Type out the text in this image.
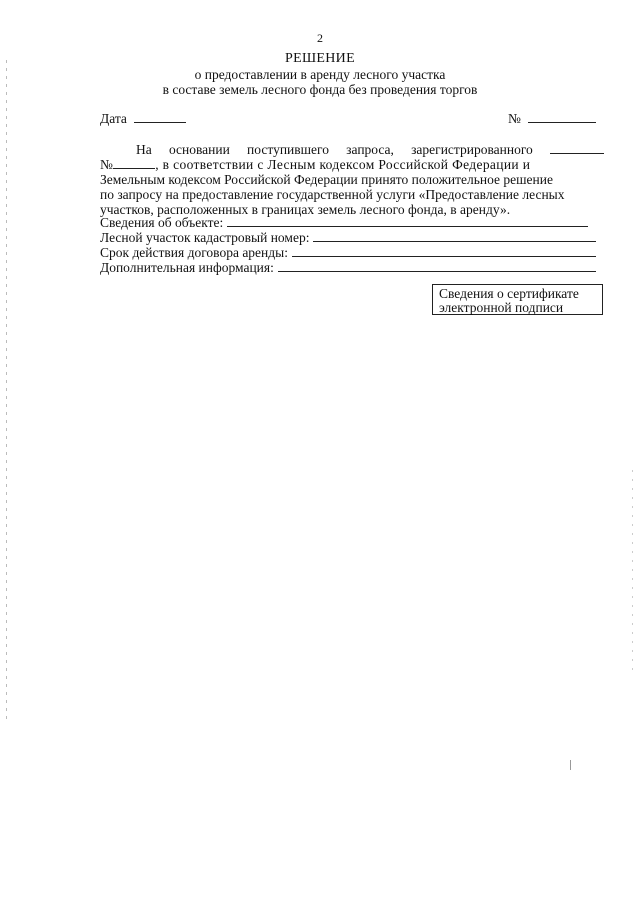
2
РЕШЕНИЕ
о предоставлении в аренду лесного участка
в составе земель лесного фонда без проведения торгов
Дата	№
На основании поступившего запроса, зарегистрированного
№	, в соответствии с Лесным кодексом Российской Федерации и
Земельным кодексом Российской Федерации принято положительное решение
по запросу на предоставление государственной услуги «Предоставление лесных
участков, расположенных в границах земель лесного фонда, в аренду».
Сведения об объекте:
Лесной участок кадастровый номер:
Срок действия договора аренды:
Дополнительная информация:
Сведения о сертификате
электронной подписи
